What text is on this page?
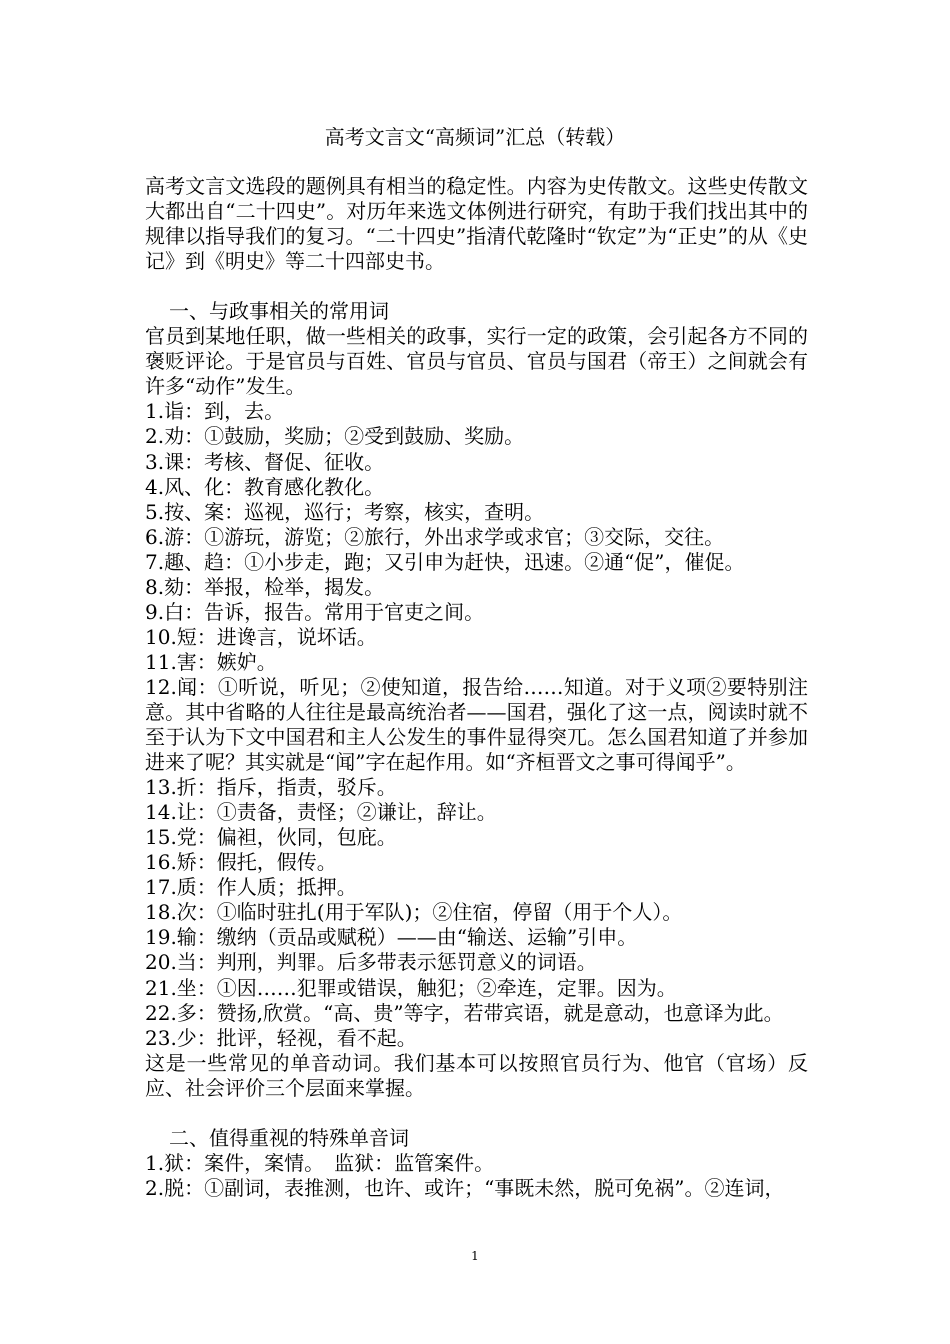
高考文言文“高频词”汇总（转载）

高考文言文选段的题例具有相当的稳定性。内容为史传散文。这些史传散文大都出自“二十四史”。对历年来选文体例进行研究，有助于我们找出其中的规律以指导我们的复习。“二十四史”指清代乾隆时“钦定”为“正史”的从《史记》到《明史》等二十四部史书。

一、与政事相关的常用词

官员到某地任职，做一些相关的政事，实行一定的政策，会引起各方不同的褒贬评论。于是官员与百姓、官员与官员、官员与国君（帝王）之间就会有许多“动作”发生。

1.诣：到，去。

2.劝：①鼓励，奖励；②受到鼓励、奖励。

3.课：考核、督促、征收。

4.风、化：教育感化教化。

5.按、案：巡视，巡行；考察，核实，查明。

6.游：①游玩，游览；②旅行，外出求学或求官；③交际，交往。

7.趣、趋：①小步走，跑；又引申为赶快，迅速。②通“促”，催促。

8.劾：举报，检举，揭发。

9.白：告诉，报告。常用于官吏之间。

10.短：进谗言，说坏话。

11.害：嫉妒。

12.闻：①听说，听见；②使知道，报告给……知道。对于义项②要特别注意。其中省略的人往往是最高统治者——国君，强化了这一点，阅读时就不至于认为下文中国君和主人公发生的事件显得突兀。怎么国君知道了并参加进来了呢？其实就是“闻”字在起作用。如“齐桓晋文之事可得闻乎”。

13.折：指斥，指责，驳斥。

14.让：①责备，责怪；②谦让，辞让。

15.党：偏袒，伙同，包庇。

16.矫：假托，假传。

17.质：作人质；抵押。

18.次：①临时驻扎(用于军队)；②住宿，停留（用于个人）。

19.输：缴纳（贡品或赋税）——由“输送、运输”引申。

20.当：判刑，判罪。后多带表示惩罚意义的词语。

21.坐：①因……犯罪或错误，触犯；②牵连，定罪。因为。

22.多：赞扬,欣赏。“高、贵”等字，若带宾语，就是意动，也意译为此。

23.少：批评，轻视，看不起。

这是一些常见的单音动词。我们基本可以按照官员行为、他官（官场）反应、社会评价三个层面来掌握。

二、值得重视的特殊单音词

1.狱：案件，案情。　监狱：监管案件。

2.脱：①副词，表推测，也许、或许；“事既未然，脱可免祸”。②连词，

1
